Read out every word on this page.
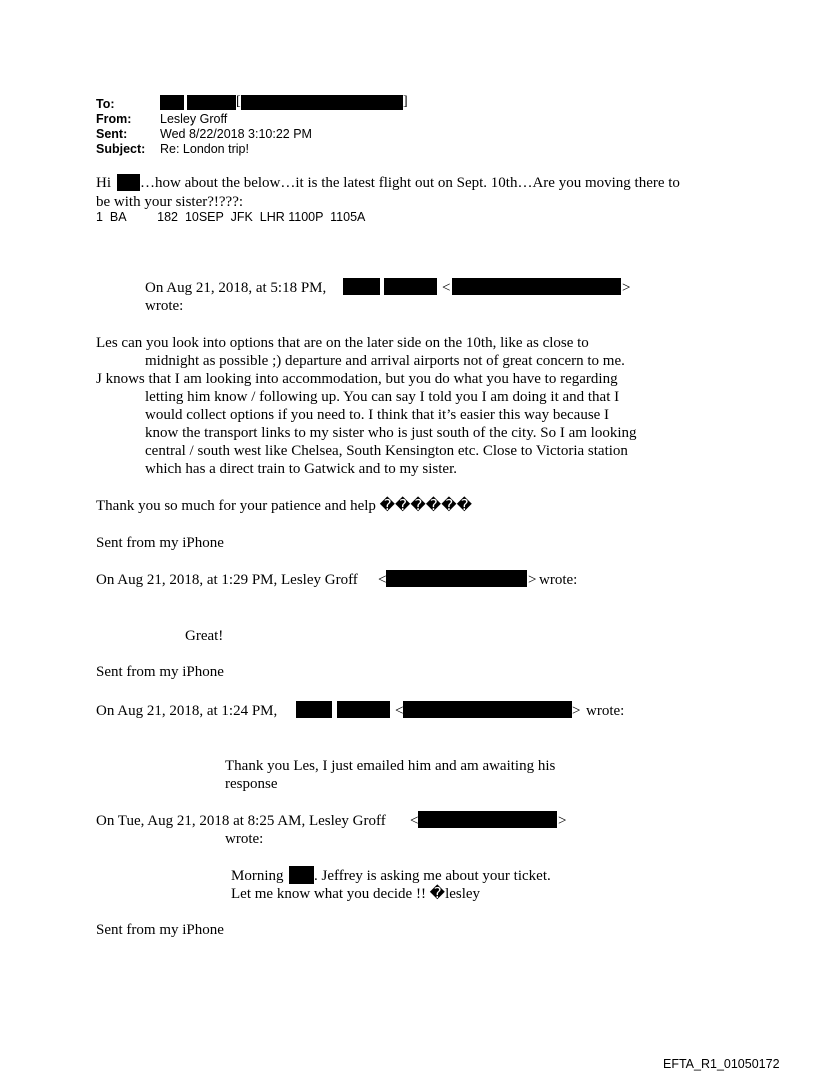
To:	[	]
From: Lesley Groff
Sent:	Wed 8/22/2018 3:10:22 PM
Subject: Re: London trip!
Hi …how about the below…it is the latest flight out on Sept. 10th…Are you moving there to
be with your sister?!???:
1  BA         182  10SEP  JFK  LHR 1100P  1105A
On Aug 21, 2018, at 5:18 PM,	<	>
wrote:
Les can you look into options that are on the later side on the 10th, like as close to
midnight as possible ;) departure and arrival airports not of great concern to me.
J knows that I am looking into accommodation, but you do what you have to regarding
letting him know / following up. You can say I told you I am doing it and that I
would collect options if you need to. I think that it’s easier this way because I
know the transport links to my sister who is just south of the city. So I am looking
central / south west like Chelsea, South Kensington etc. Close to Victoria station
which has a direct train to Gatwick and to my sister.
Thank you so much for your patience and help ������
Sent from my iPhone
On Aug 21, 2018, at 1:29 PM, Lesley Groff <	> wrote:
Great!
Sent from my iPhone
On Aug 21, 2018, at 1:24 PM,	<	> wrote:
Thank you Les, I just emailed him and am awaiting his
response
On Tue, Aug 21, 2018 at 8:25 AM, Lesley Groff <	>
wrote:
Morning . Jeffrey is asking me about your ticket.
Let me know what you decide !! �lesley
Sent from my iPhone
EFTA_R1_01050172
